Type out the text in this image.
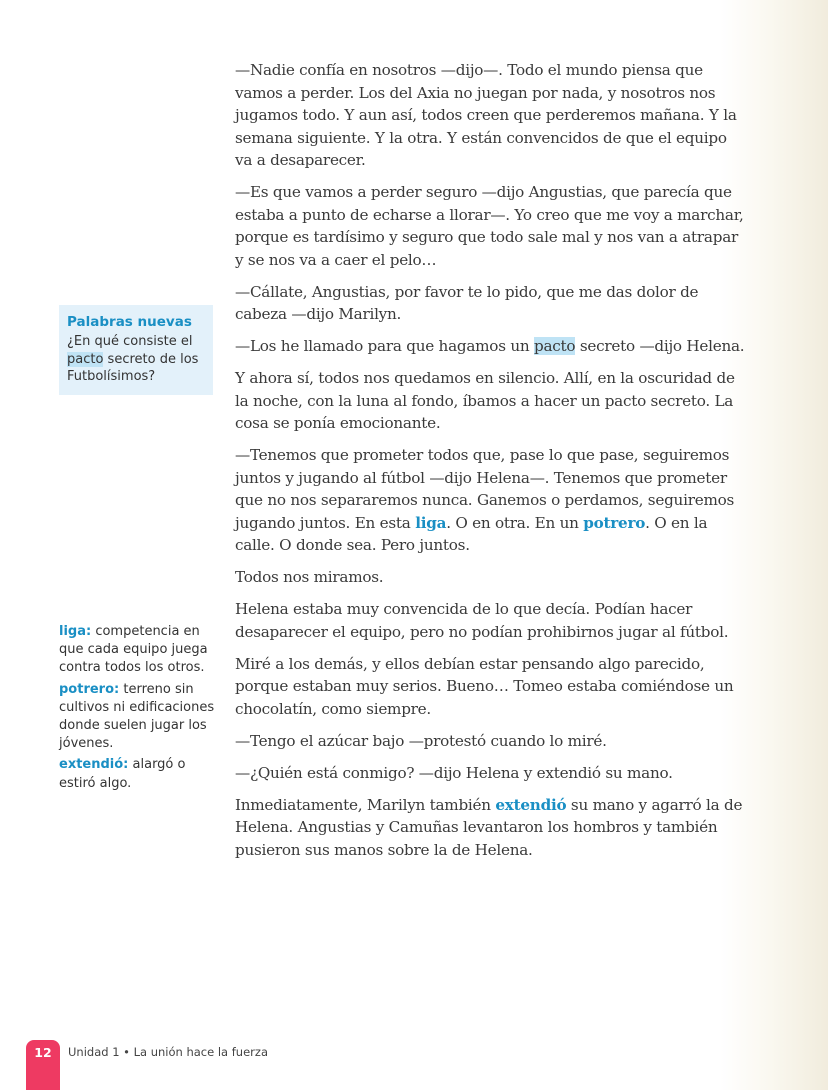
—Nadie confía en nosotros —dijo—. Todo el mundo piensa que vamos a perder. Los del Axia no juegan por nada, y nosotros nos jugamos todo. Y aun así, todos creen que perderemos mañana. Y la semana siguiente. Y la otra. Y están convencidos de que el equipo va a desaparecer.

—Es que vamos a perder seguro —dijo Angustias, que parecía que estaba a punto de echarse a llorar—. Yo creo que me voy a marchar, porque es tardísimo y seguro que todo sale mal y nos van a atrapar y se nos va a caer el pelo…

—Cállate, Angustias, por favor te lo pido, que me das dolor de cabeza —dijo Marilyn.

—Los he llamado para que hagamos un pacto secreto —dijo Helena.

Y ahora sí, todos nos quedamos en silencio. Allí, en la oscuridad de la noche, con la luna al fondo, íbamos a hacer un pacto secreto. La cosa se ponía emocionante.

—Tenemos que prometer todos que, pase lo que pase, seguiremos juntos y jugando al fútbol —dijo Helena—. Tenemos que prometer que no nos separaremos nunca. Ganemos o perdamos, seguiremos jugando juntos. En esta liga. O en otra. En un potrero. O en la calle. O donde sea. Pero juntos.

Todos nos miramos.

Helena estaba muy convencida de lo que decía. Podían hacer desaparecer el equipo, pero no podían prohibirnos jugar al fútbol.

Miré a los demás, y ellos debían estar pensando algo parecido, porque estaban muy serios. Bueno… Tomeo estaba comiéndose un chocolatín, como siempre.

—Tengo el azúcar bajo —protestó cuando lo miré.

—¿Quién está conmigo? —dijo Helena y extendió su mano.

Inmediatamente, Marilyn también extendió su mano y agarró la de Helena. Angustias y Camuñas levantaron los hombros y también pusieron sus manos sobre la de Helena.

Palabras nuevas
¿En qué consiste el pacto secreto de los Futbolísimos?
liga: competencia en que cada equipo juega contra todos los otros.
potrero: terreno sin cultivos ni edificaciones donde suelen jugar los jóvenes.
extendió: alargó o estiró algo.
12	Unidad 1 • La unión hace la fuerza
